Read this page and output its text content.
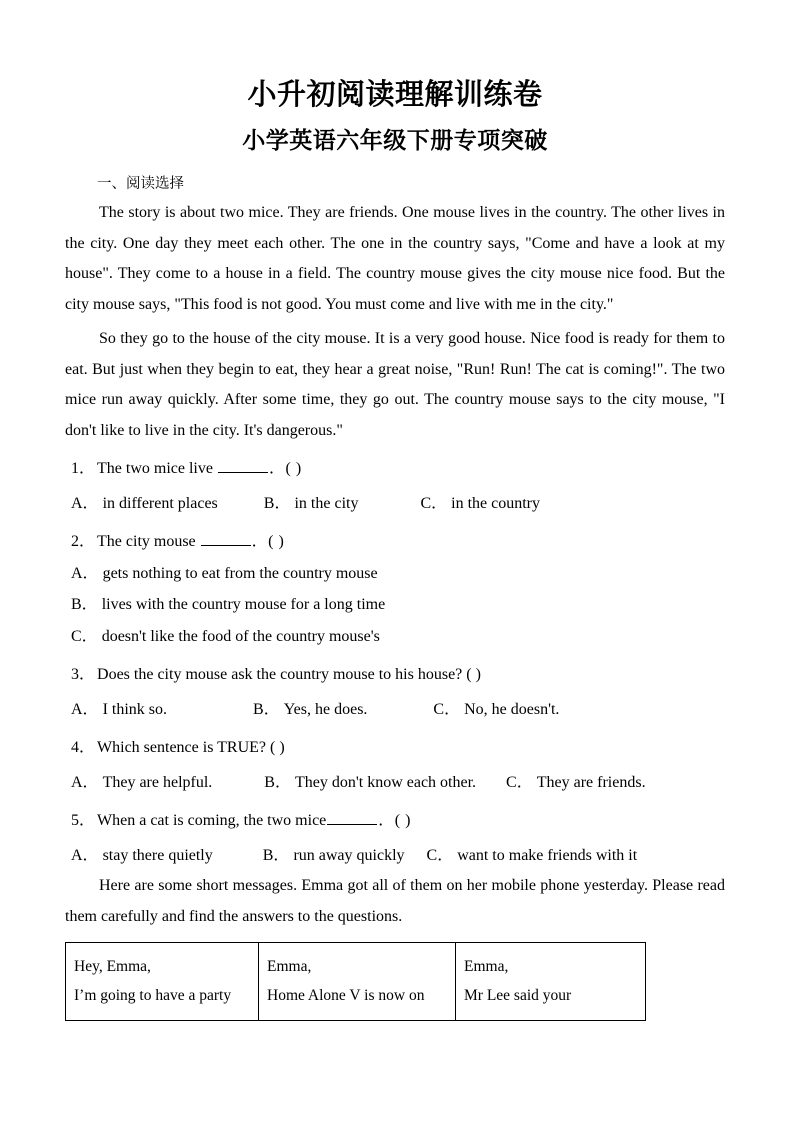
小升初阅读理解训练卷
小学英语六年级下册专项突破

一、阅读选择

The story is about two mice. They are friends. One mouse lives in the country. The other lives in the city. One day they meet each other. The one in the country says, "Come and have a look at my house". They come to a house in a field. The country mouse gives the city mouse nice food. But the city mouse says, "This food is not good. You must come and live with me in the city."

So they go to the house of the city mouse. It is a very good house. Nice food is ready for them to eat. But just when they begin to eat, they hear a great noise, "Run! Run! The cat is coming!". The two mice run away quickly. After some time, they go out. The country mouse says to the city mouse, "I don't like to live in the city. It's dangerous."

1． The two mice live	．( )

A． in different places	B． in the city	C． in the country

2． The city mouse	．( )

A． gets nothing to eat from the country mouse
B． lives with the country mouse for a long time
C． doesn't like the food of the country mouse's

3． Does the city mouse ask the country mouse to his house? ( )

A． I think so.	B． Yes, he does.	C． No, he doesn't.

4． Which sentence is TRUE? ( )

A． They are helpful.	B． They don't know each other. C． They are friends.

5． When a cat is coming, the two mice	．( )

A． stay there quietly	B． run away quickly C． want to make friends with it

Here are some short messages. Emma got all of them on her mobile phone yesterday. Please read them carefully and find the answers to the questions.

Hey, Emma,
I’m going to have a party

Emma,
Home Alone V is now on

Emma,
Mr Lee said your
